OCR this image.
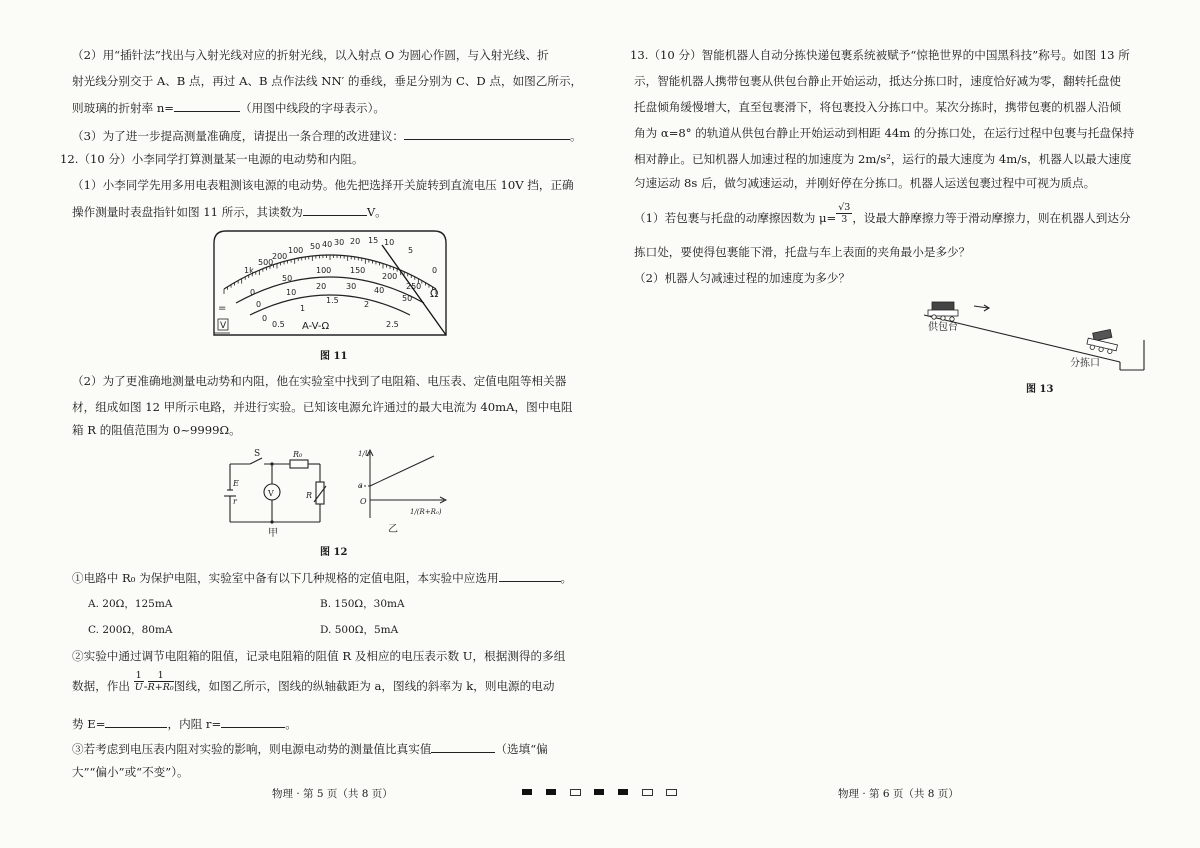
（2）用“插针法”找出与入射光线对应的折射光线，以入射点 O 为圆心作圆，与入射光线、折
射光线分别交于 A、B 点，再过 A、B 点作法线 NN′ 的垂线，垂足分别为 C、D 点，如图乙所示，
则玻璃的折射率 n=	（用图中线段的字母表示）。
（3）为了进一步提高测量准确度，请提出一条合理的改进建议：	。
12.（10 分）小李同学打算测量某一电源的电动势和内阻。
（1）小李同学先用多用电表粗测该电源的电动势。他先把选择开关旋转到直流电压 10V 挡，正确
操作测量时表盘指针如图 11 所示，其读数为	V。
1k
500
200
100 50 40 30 20 15 10
5
0
0
50
100 150
200
250
0
10
20 30 40
50
0
0.5
1
1.5	2
2.5
A-V-Ω
Ω
=
V
图 11
（2）为了更准确地测量电动势和内阻，他在实验室中找到了电阻箱、电压表、定值电阻等相关器
材，组成如图 12 甲所示电路，并进行实验。已知该电源允许通过的最大电流为 40mA，图中电阻
箱 R 的阻值范围为 0~9999Ω。
S	R₀
E
r
V	R
甲
1/U
a
O
1/(R+R₀)
乙
图 12
①电路中 R₀ 为保护电阻，实验室中备有以下几种规格的定值电阻，本实验中应选用	。
A. 20Ω，125mA	B. 150Ω，30mA
C. 200Ω，80mA	D. 500Ω，5mA
②实验中通过调节电阻箱的阻值，记录电阻箱的阻值 R 及相应的电压表示数 U，根据测得的多组
数据，作出 $\frac{1}{U} - \frac{1}{\text{R+R₀}}$ 图线，如图乙所示，图线的纵轴截距为 a，图线的斜率为 k，则电源的电动
势 E=	，内阻 r=	。
③若考虑到电压表内阻对实验的影响，则电源电动势的测量值比真实值	（选填“偏
大”“偏小”或“不变”）。
物理 · 第 5 页（共 8 页）
13.（10 分）智能机器人自动分拣快递包裹系统被赋予“惊艳世界的中国黑科技”称号。如图 13 所
示，智能机器人携带包裹从供包台静止开始运动，抵达分拣口时，速度恰好减为零，翻转托盘使
托盘倾角缓慢增大，直至包裹滑下，将包裹投入分拣口中。某次分拣时，携带包裹的机器人沿倾
角为 α=8° 的轨道从供包台静止开始运动到相距 44m 的分拣口处，在运行过程中包裹与托盘保持
相对静止。已知机器人加速过程的加速度为 2m/s²，运行的最大速度为 4m/s，机器人以最大速度
匀速运动 8s 后，做匀减速运动，并刚好停在分拣口。机器人运送包裹过程中可视为质点。
（1）若包裹与托盘的动摩擦因数为 $\mu= \frac{√3}{3}$ ，设最大静摩擦力等于滑动摩擦力，则在机器人到达分
拣口处，要使得包裹能下滑，托盘与车上表面的夹角最小是多少？
（2）机器人匀减速过程的加速度为多少？
供包台
分拣口
图 13
物理 · 第 6 页（共 8 页）
